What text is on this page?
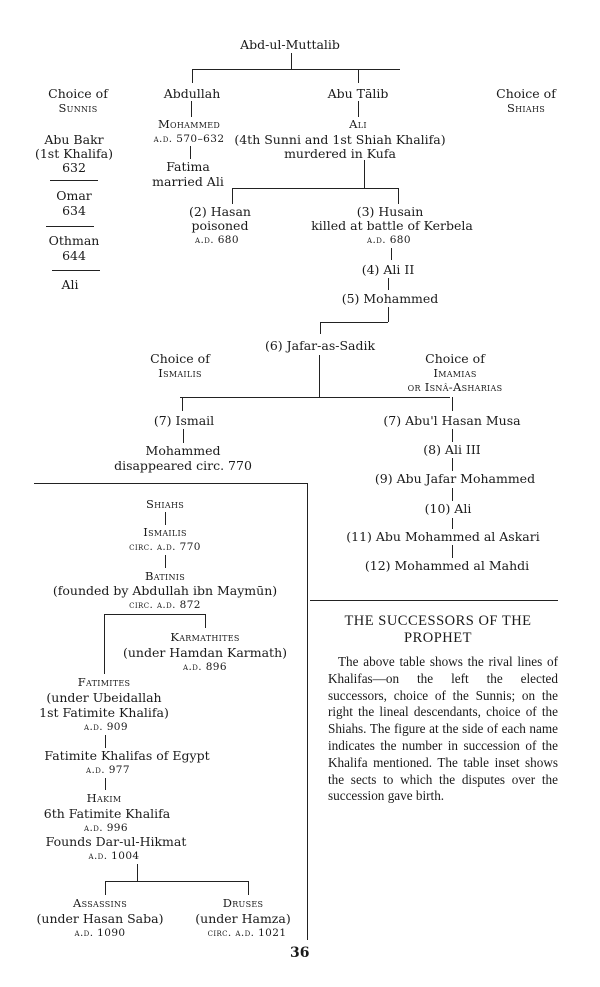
Abd-ul-Muttalib
Abdullah	Abu Tālib
Choice of
Sunnis
Choice of
Shiahs
Mohammed
a.d. 570–632
Fatima
married Ali
Ali
(4th Sunni and 1st Shiah Khalifa)
murdered in Kufa
Abu Bakr
(1st Khalifa)
632
Omar
634
Othman
644
Ali
(2) Hasan
poisoned
a.d. 680
(3) Husain
killed at battle of Kerbela
a.d. 680
(4) Ali II
(5) Mohammed
(6) Jafar-as-Sadik
Choice of
Ismailis
Choice of
Imamias
or Isnâ-Asharias
(7) Ismail
Mohammed
disappeared circ. 770
(7) Abu'l Hasan Musa
(8) Ali III
(9) Abu Jafar Mohammed
(10) Ali
(11) Abu Mohammed al Askari
(12) Mohammed al Mahdi
Shiahs
Ismailis
circ. a.d. 770
Batinis
(founded by Abdullah ibn Maymūn)
circ. a.d. 872
Karmathites
(under Hamdan Karmath)
a.d. 896
Fatimites
(under Ubeidallah
1st Fatimite Khalifa)
a.d. 909
Fatimite Khalifas of Egypt
a.d. 977
Hakim
6th Fatimite Khalifa
a.d. 996
Founds Dar-ul-Hikmat
a.d. 1004
Assassins
(under Hasan Saba)
a.d. 1090
Druses
(under Hamza)
circ. a.d. 1021
THE SUCCESSORS OF THE PROPHET
The above table shows the rival lines of Khalifas—on the left the elected successors, choice of the Sunnis; on the right the lineal descendants, choice of the Shiahs. The figure at the side of each name indicates the number in succession of the Khalifa mentioned. The table inset shows the sects to which the disputes over the succession gave birth.
36
